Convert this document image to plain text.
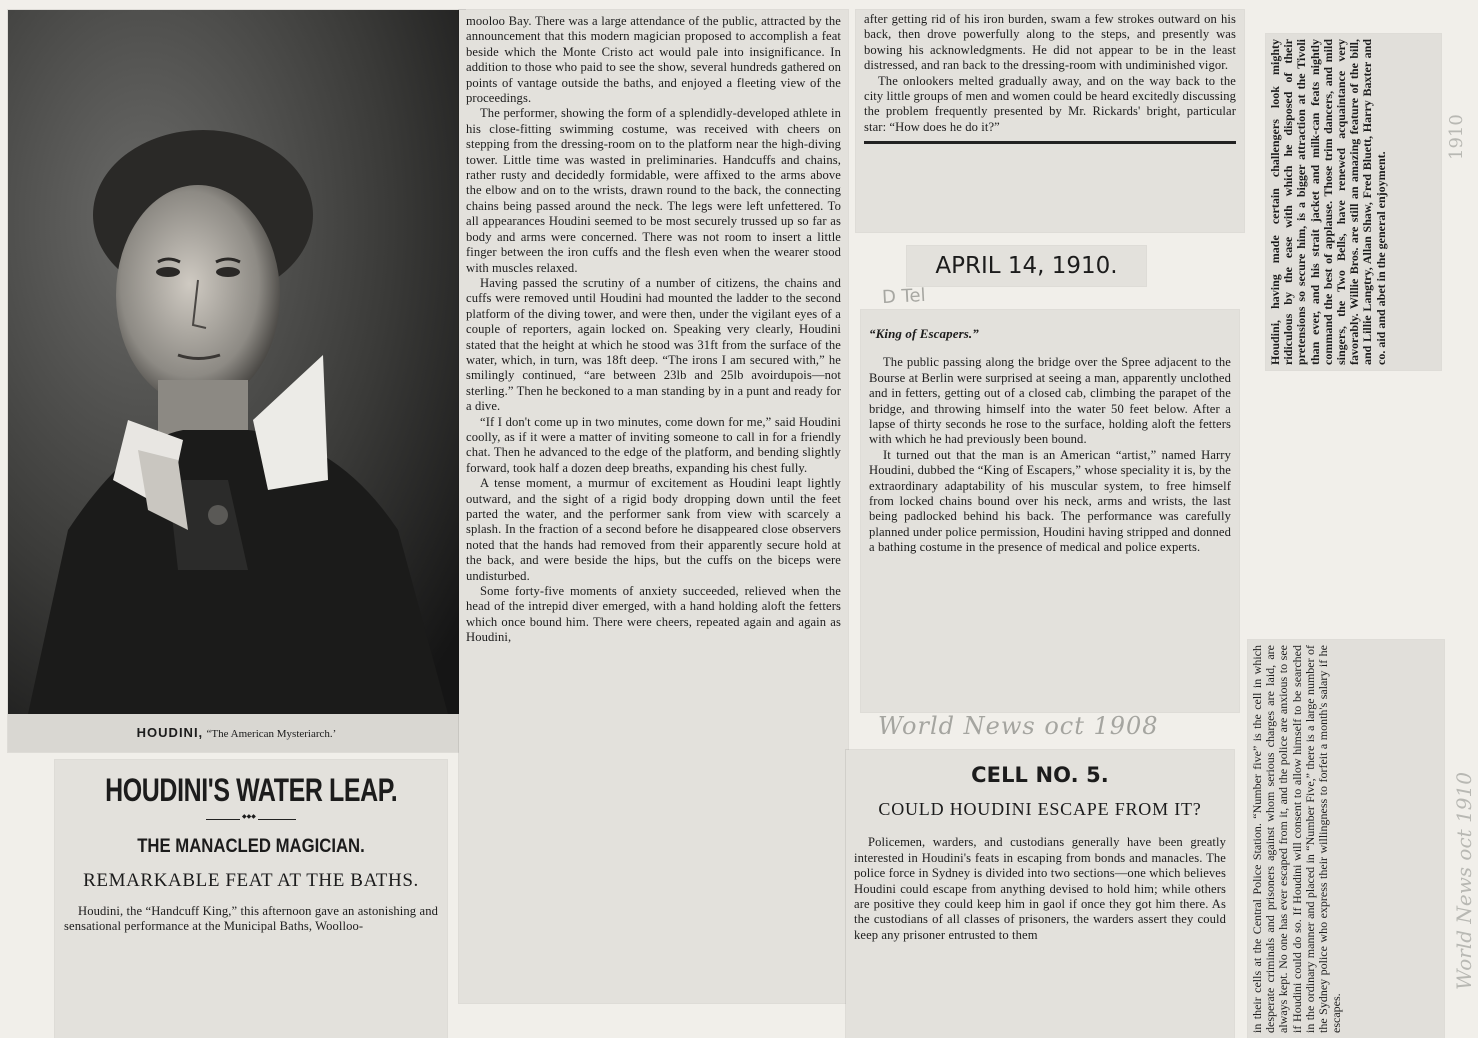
HOUDINI, “The American Mysteriarch.’
HOUDINI'S WATER LEAP.
◆◆◆
THE MANACLED MAGICIAN.
REMARKABLE FEAT AT THE BATHS.

Houdini, the “Handcuff King,” this afternoon gave an astonishing and sensational performance at the Municipal Baths, Woolloo-

mooloo Bay. There was a large attendance of the public, attracted by the announcement that this modern magician proposed to accomplish a feat beside which the Monte Cristo act would pale into insignificance. In addition to those who paid to see the show, several hundreds gathered on points of vantage outside the baths, and enjoyed a fleeting view of the proceedings.

The performer, showing the form of a splendidly-developed athlete in his close-fitting swimming costume, was received with cheers on stepping from the dressing-room on to the platform near the high-diving tower. Little time was wasted in preliminaries. Handcuffs and chains, rather rusty and decidedly formidable, were affixed to the arms above the elbow and on to the wrists, drawn round to the back, the connecting chains being passed around the neck. The legs were left unfettered. To all appearances Houdini seemed to be most securely trussed up so far as body and arms were concerned. There was not room to insert a little finger between the iron cuffs and the flesh even when the wearer stood with muscles relaxed.

Having passed the scrutiny of a number of citizens, the chains and cuffs were removed until Houdini had mounted the ladder to the second platform of the diving tower, and were then, under the vigilant eyes of a couple of reporters, again locked on. Speaking very clearly, Houdini stated that the height at which he stood was 31ft from the surface of the water, which, in turn, was 18ft deep. “The irons I am secured with,” he smilingly continued, “are between 23lb and 25lb avoirdupois—not sterling.” Then he beckoned to a man standing by in a punt and ready for a dive.

“If I don't come up in two minutes, come down for me,” said Houdini coolly, as if it were a matter of inviting someone to call in for a friendly chat. Then he advanced to the edge of the platform, and bending slightly forward, took half a dozen deep breaths, expanding his chest fully.

A tense moment, a murmur of excitement as Houdini leapt lightly outward, and the sight of a rigid body dropping down until the feet parted the water, and the performer sank from view with scarcely a splash. In the fraction of a second before he disappeared close observers noted that the hands had removed from their apparently secure hold at the back, and were beside the hips, but the cuffs on the biceps were undisturbed.

Some forty-five moments of anxiety succeeded, relieved when the head of the intrepid diver emerged, with a hand holding aloft the fetters which once bound him. There were cheers, repeated again and again as Houdini,

after getting rid of his iron burden, swam a few strokes outward on his back, then drove powerfully along to the steps, and presently was bowing his acknowledgments. He did not appear to be in the least distressed, and ran back to the dressing-room with undiminished vigor.

The onlookers melted gradually away, and on the way back to the city little groups of men and women could be heard excitedly discussing the problem frequently presented by Mr. Rickards' bright, particular star: “How does he do it?”

APRIL 14, 1910.
D Tel
“King of Escapers.”

The public passing along the bridge over the Spree adjacent to the Bourse at Berlin were surprised at seeing a man, apparently unclothed and in fetters, getting out of a closed cab, climbing the parapet of the bridge, and throwing himself into the water 50 feet below. After a lapse of thirty seconds he rose to the surface, holding aloft the fetters with which he had previously been bound.

It turned out that the man is an American “artist,” named Harry Houdini, dubbed the “King of Escapers,” whose speciality it is, by the extraordinary adaptability of his muscular system, to free himself from locked chains bound over his neck, arms and wrists, the last being padlocked behind his back. The performance was carefully planned under police permission, Houdini having stripped and donned a bathing costume in the presence of medical and police experts.

World News oct 1908
CELL NO. 5.
COULD HOUDINI ESCAPE FROM IT?

Policemen, warders, and custodians generally have been greatly interested in Houdini's feats in escaping from bonds and manacles. The police force in Sydney is divided into two sections—one which believes Houdini could escape from anything devised to hold him; while others are positive they could keep him in gaol if once they got him there. As the custodians of all classes of prisoners, the warders assert they could keep any prisoner entrusted to them

Houdini, having made certain challengers look mighty ridiculous by the ease with which he disposed of their pretensions so secure him, is a bigger attraction at the Tivoli than ever, and his strait jacket and milk-can feats nightly command the best of applause. Those trim dancers, and mild singers, the Two Bells, have renewed acquaintance very favorably. Willie Bros. are still an amazing feature of the bill, and Lillie Langtry, Allan Shaw, Fred Bluett, Harry Baxter and co. aid and abet in the general enjoyment.
in their cells at the Central Police Station. “Number five” is the cell in which desperate criminals and prisoners against whom serious charges are laid, are always kept. No one has ever escaped from it, and the police are anxious to see if Houdini could do so. If Houdini will consent to allow himself to be searched in the ordinary manner and placed in “Number Five,” there is a large number of the Sydney police who express their willingness to forfeit a month's salary if he escapes.
1910
World News oct 1910
